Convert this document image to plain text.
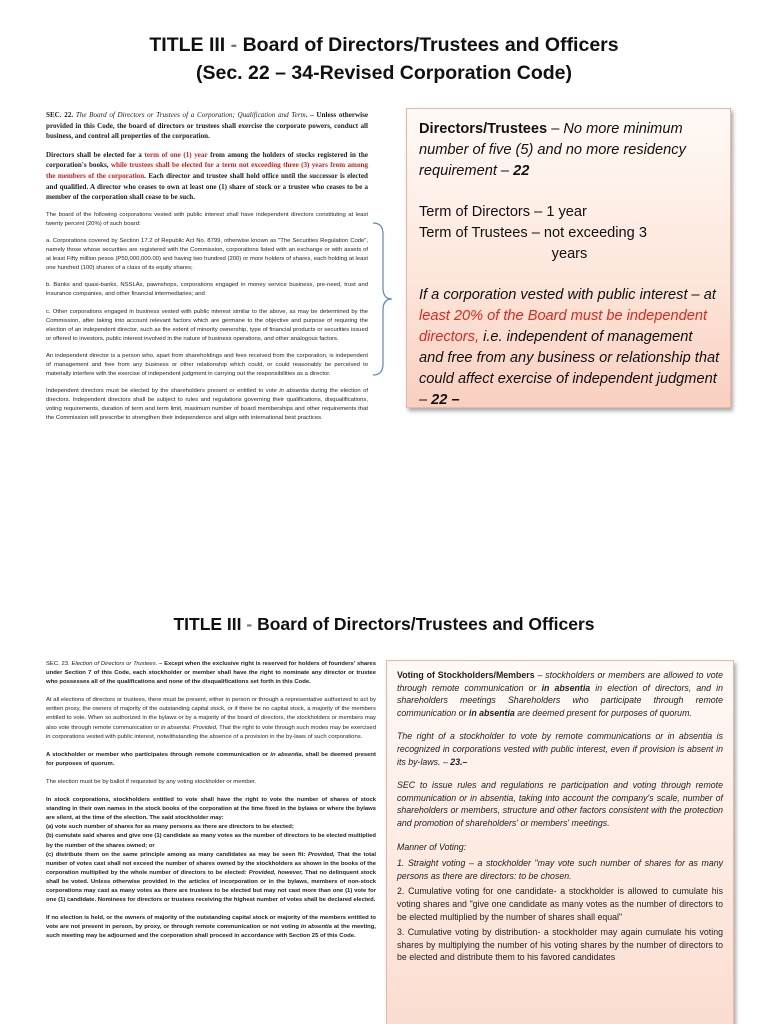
TITLE III - Board of Directors/Trustees and Officers
(Sec. 22 – 34-Revised Corporation Code)

SEC. 22. The Board of Directors or Trustees of a Corporation; Qualification and Term. – Unless otherwise provided in this Code, the board of directors or trustees shall exercise the corporate powers, conduct all business, and control all properties of the corporation.

Directors shall be elected for a term of one (1) year from among the holders of stocks registered in the corporation's books, while trustees shall be elected for a term not exceeding three (3) years from among the members of the corporation. Each director and trustee shall hold office until the successor is elected and qualified. A director who ceases to own at least one (1) share of stock or a trustee who ceases to be a member of the corporation shall cease to be such.

The board of the following corporations vested with public interest shall have independent directors constituting at least twenty percent (20%) of such board:

a. Corporations covered by Section 17.2 of Republic Act No. 8799, otherwise known as "The Securities Regulation Code", namely those whose securities are registered with the Commission, corporations listed with an exchange or with assets of at least Fifty million pesos (P50,000,000.00) and having two hundred (200) or more holders of shares, each holding at least one hundred (100) shares of a class of its equity shares;

b. Banks and quasi-banks, NSSLAs, pawnshops, corporations engaged in money service business, pre-need, trust and insurance companies, and other financial intermediaries; and

c. Other corporations engaged in business vested with public interest similar to the above, as may be determined by the Commission, after taking into account relevant factors which are germane to the objective and purpose of requiring the election of an independent director, such as the extent of minority ownership, type of financial products or securities issued or offered to investors, public interest involved in the nature of business operations, and other analogous factors.

An independent director is a person who, apart from shareholdings and fees received from the corporation, is independent of management and free from any business or other relationship which could, or could reasonably be perceived to materially interfere with the exercise of independent judgment in carrying out the responsibilities as a director.

Independent directors must be elected by the shareholders present or entitled to vote in absentia during the election of directors. Independent directors shall be subject to rules and regulations governing their qualifications, disqualifications, voting requirements, duration of term and term limit, maximum number of board memberships and other requirements that the Commission will prescribe to strengthen their independence and align with international best practices.

Directors/Trustees – No more minimum number of five (5) and no more residency requirement – 22
Term of Directors – 1 year
Term of Trustees – not exceeding 3
years
If a corporation vested with public interest – at least 20% of the Board must be independent directors, i.e. independent of management and free from any business or relationship that could affect exercise of independent judgment – 22 –
TITLE III - Board of Directors/Trustees and Officers

SEC. 23. Election of Directors or Trustees. – Except when the exclusive right is reserved for holders of founders' shares under Section 7 of this Code, each stockholder or member shall have the right to nominate any director or trustee who possesses all of the qualifications and none of the disqualifications set forth in this Code.

At all elections of directors or trustees, there must be present, either in person or through a representative authorized to act by written proxy, the owners of majority of the outstanding capital stock, or if there be no capital stock, a majority of the members entitled to vote. When so authorized in the bylaws or by a majority of the board of directors, the stockholders or members may also vote through remote communication or in absentia: Provided, That the right to vote through such modes may be exercised in corporations vested with public interest, notwithstanding the absence of a provision in the by-laws of such corporations.

A stockholder or member who participates through remote communication or in absentia, shall be deemed present for purposes of quorum.

The election must be by ballot if requested by any voting stockholder or member.

In stock corporations, stockholders entitled to vote shall have the right to vote the number of shares of stock standing in their own names in the stock books of the corporation at the time fixed in the bylaws or where the bylaws are silent, at the time of the election. The said stockholder may:
(a) vote such number of shares for as many persons as there are directors to be elected;
(b) cumulate said shares and give one (1) candidate as many votes as the number of directors to be elected multiplied by the number of the shares owned; or
(c) distribute them on the same principle among as many candidates as may be seen fit: Provided, That the total number of votes cast shall not exceed the number of shares owned by the stockholders as shown in the books of the corporation multiplied by the whole number of directors to be elected: Provided, however, That no delinquent stock shall be voted. Unless otherwise provided in the articles of incorporation or in the bylaws, members of non-stock corporations may cast as many votes as there are trustees to be elected but may not cast more than one (1) vote for one (1) candidate. Nominees for directors or trustees receiving the highest number of votes shall be declared elected.

If no election is held, or the owners of majority of the outstanding capital stock or majority of the members entitled to vote are not present in person, by proxy, or through remote communication or not voting in absentia at the meeting, such meeting may be adjourned and the corporation shall proceed in accordance with Section 25 of this Code.

Voting of Stockholders/Members – stockholders or members are allowed to vote through remote communication or in absentia in election of directors, and in shareholders meetings Shareholders who participate through remote communication or in absentia are deemed present for purposes of quorum.

The right of a stockholder to vote by remote communications or in absentia is recognized in corporations vested with public interest, even if provision is absent in its by-laws. – 23.–

SEC to issue rules and regulations re participation and voting through remote communication or in absentia, taking into account the company's scale, number of shareholders or members, structure and other factors consistent with the protection and promotion of shareholders' or members' meetings.

Manner of Voting:

1. Straight voting – a stockholder "may vote such number of shares for as many persons as there are directors: to be chosen.
2. Cumulative voting for one candidate- a stockholder is allowed to cumulate his voting shares and "give one candidate as many votes as the number of directors to be elected multiplied by the number of shares shall equal"
3. Cumulative voting by distribution- a stockholder may again cumulate his voting shares by multiplying the number of his voting shares by the number of directors to be elected and distribute them to his favored candidates
